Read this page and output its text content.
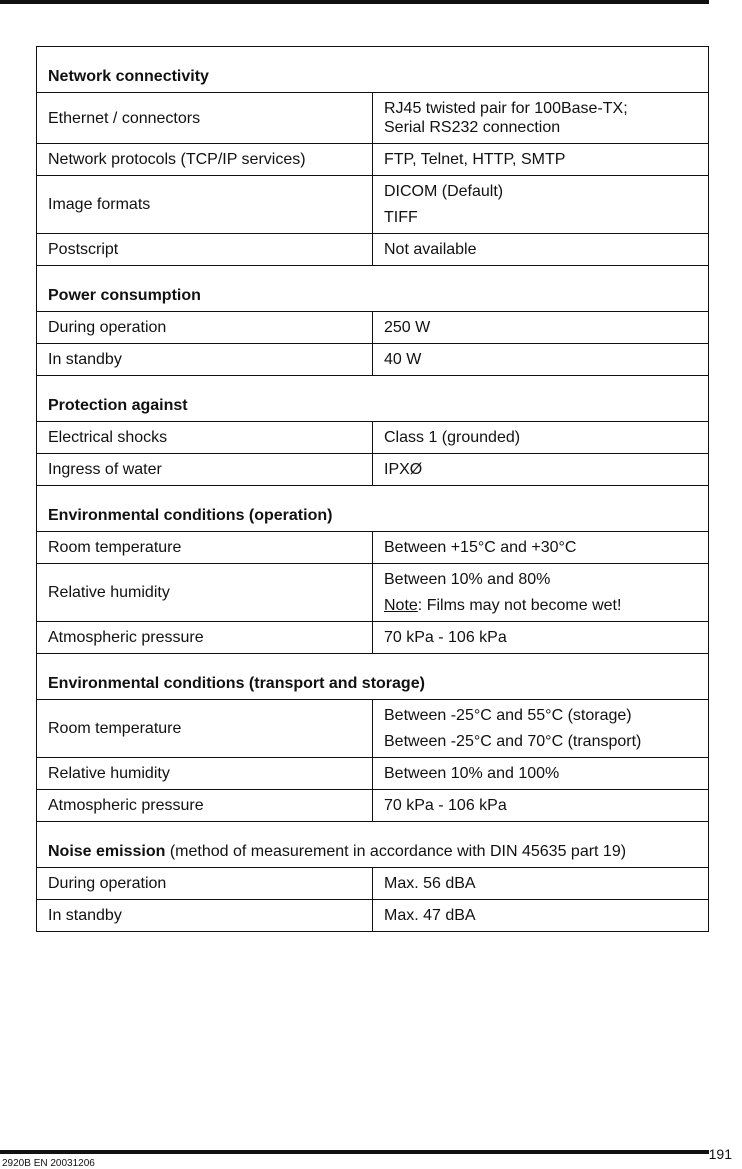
Network connectivity	
Ethernet / connectors	RJ45 twisted pair for 100Base-TX;
Serial RS232 connection

Network protocols (TCP/IP services)	FTP, Telnet, HTTP, SMTP
Image formats	DICOM (Default)
TIFF

Postscript	Not available
Power consumption	
During operation	250 W
In standby	40 W
Protection against	
Electrical shocks	Class 1 (grounded)
Ingress of water	IPXØ
Environmental conditions (operation)	
Room temperature	Between +15°C and +30°C
Relative humidity	Between 10% and 80%
Note: Films may not become wet!

Atmospheric pressure	70 kPa - 106 kPa
Environmental conditions (transport and storage)	
Room temperature	Between -25°C and 55°C (storage)
Between -25°C and 70°C (transport)

Relative humidity	Between 10% and 100%
Atmospheric pressure	70 kPa - 106 kPa
Noise emission (method of measurement in accordance with DIN 45635 part 19)	
During operation	Max. 56 dBA
In standby	Max. 47 dBA
191
2920B EN 20031206
